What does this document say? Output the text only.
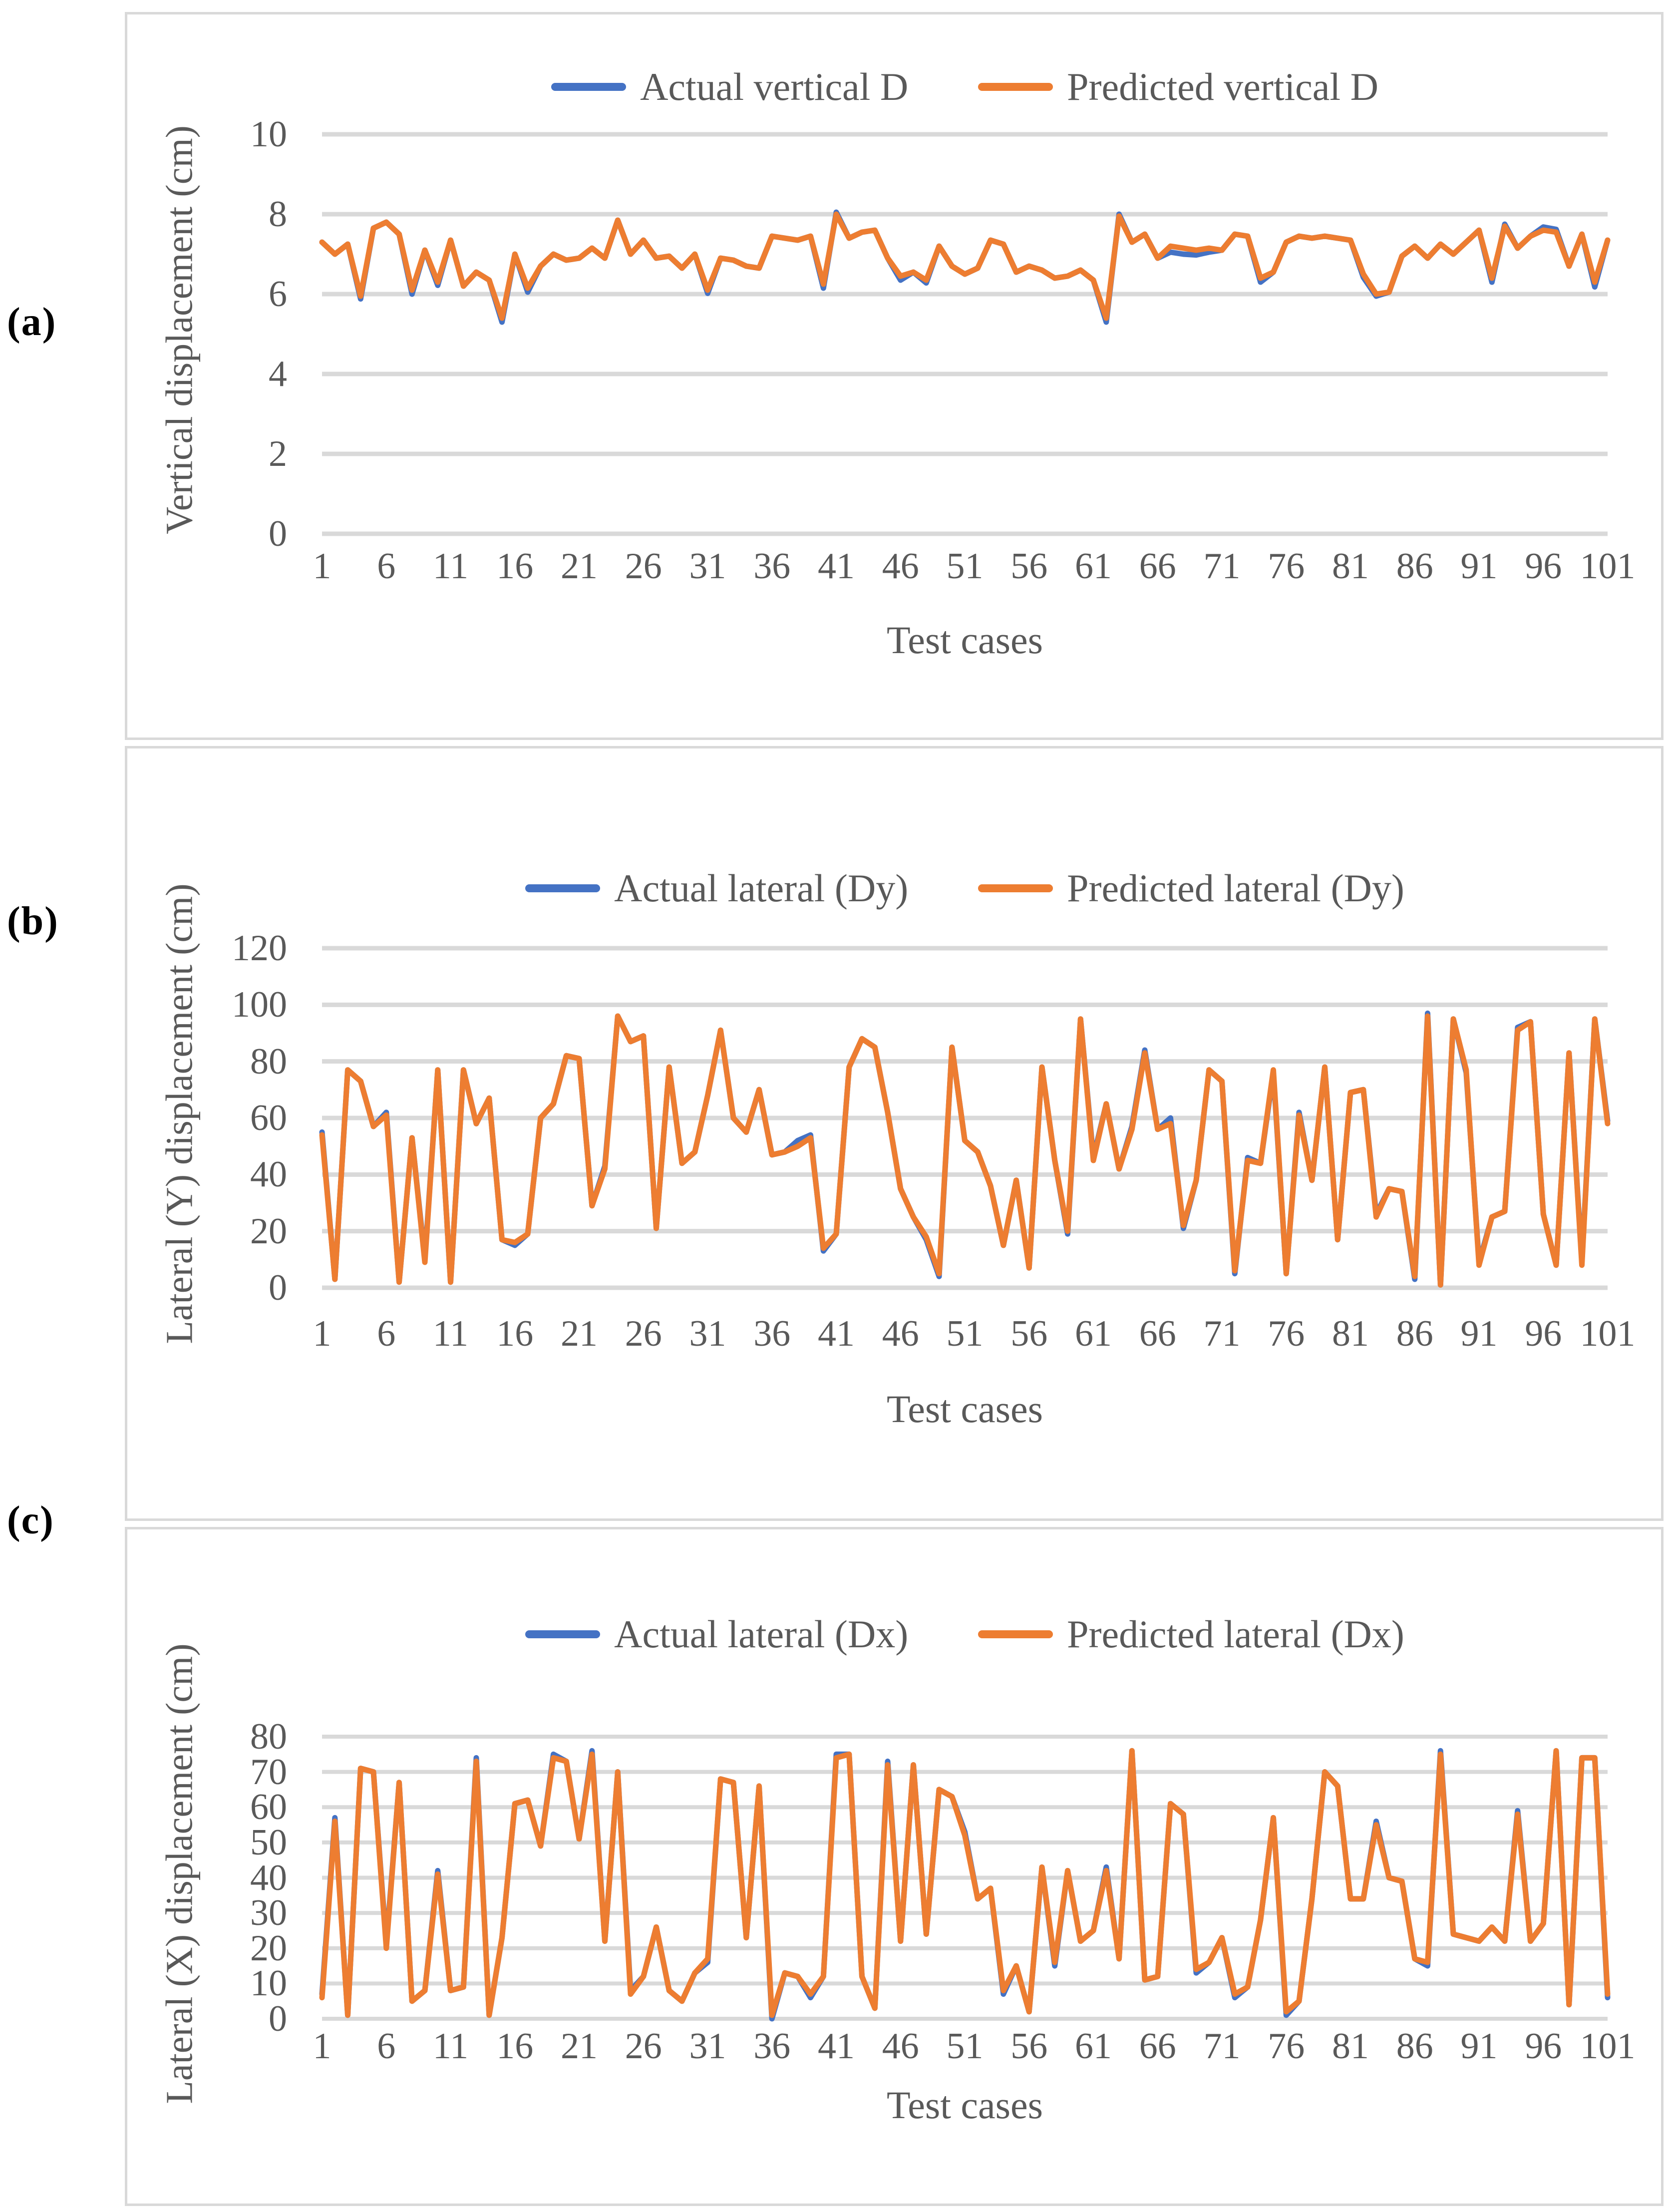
(a)
(b)
(c)
Actual vertical D	Predicted vertical D
Vertical displacement (cm)
Test cases
10
8
6
4
2
0
1	6	11 16 21 26 31 36 41 46 51 56 61 66 71 76 81 86 91 96 101
Actual lateral (Dy)	Predicted lateral (Dy)
Lateral (Y) displacement (cm)
Test cases
120
100
80
60
40
20
0
1	6	11 16 21 26 31 36 41 46 51 56 61 66 71 76 81 86 91 96 101
Actual lateral (Dx)	Predicted lateral (Dx)
Lateral (X) displacement (cm)
Test cases
80
70
60
50
40
30
20
10
0
1	6	11 16 21 26 31 36 41 46 51 56 61 66 71 76 81 86 91 96 101
